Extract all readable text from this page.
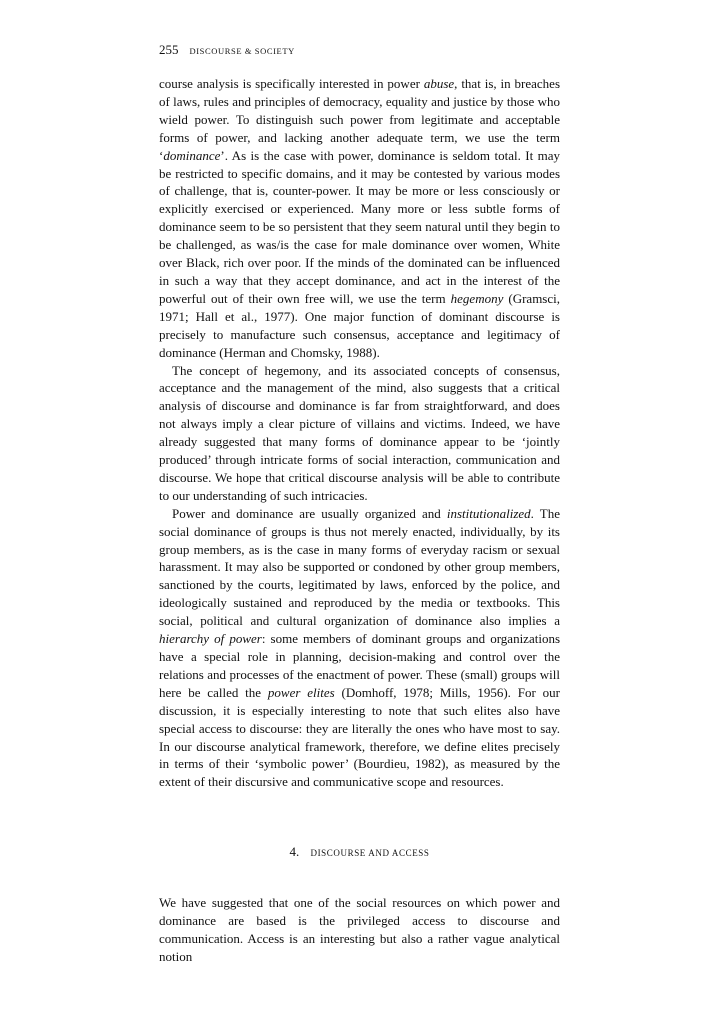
255 DISCOURSE & SOCIETY

course analysis is specifically interested in power abuse, that is, in breaches of laws, rules and principles of democracy, equality and justice by those who wield power. To distinguish such power from legitimate and acceptable forms of power, and lacking another adequate term, we use the term ‘dominance’. As is the case with power, dominance is seldom total. It may be restricted to specific domains, and it may be contested by various modes of challenge, that is, counter-power. It may be more or less consciously or explicitly exercised or experienced. Many more or less subtle forms of dominance seem to be so persistent that they seem natural until they begin to be challenged, as was/is the case for male dominance over women, White over Black, rich over poor. If the minds of the dominated can be influenced in such a way that they accept dominance, and act in the interest of the powerful out of their own free will, we use the term hegemony (Gramsci, 1971; Hall et al., 1977). One major function of dominant discourse is precisely to manufacture such consensus, acceptance and legitimacy of dominance (Herman and Chomsky, 1988).

The concept of hegemony, and its associated concepts of consensus, acceptance and the management of the mind, also suggests that a critical analysis of discourse and dominance is far from straightforward, and does not always imply a clear picture of villains and victims. Indeed, we have already suggested that many forms of dominance appear to be ‘jointly produced’ through intricate forms of social interaction, communication and discourse. We hope that critical discourse analysis will be able to contribute to our understanding of such intricacies.

Power and dominance are usually organized and institutionalized. The social dominance of groups is thus not merely enacted, individually, by its group members, as is the case in many forms of everyday racism or sexual harassment. It may also be supported or condoned by other group members, sanctioned by the courts, legitimated by laws, enforced by the police, and ideologically sustained and reproduced by the media or textbooks. This social, political and cultural organization of dominance also implies a hierarchy of power: some members of dominant groups and organizations have a special role in planning, decision-making and control over the relations and processes of the enactment of power. These (small) groups will here be called the power elites (Domhoff, 1978; Mills, 1956). For our discussion, it is especially interesting to note that such elites also have special access to discourse: they are literally the ones who have most to say. In our discourse analytical framework, therefore, we define elites precisely in terms of their ‘symbolic power’ (Bourdieu, 1982), as measured by the extent of their discursive and communicative scope and resources.

4. DISCOURSE AND ACCESS

We have suggested that one of the social resources on which power and dominance are based is the privileged access to discourse and communication. Access is an interesting but also a rather vague analytical notion
